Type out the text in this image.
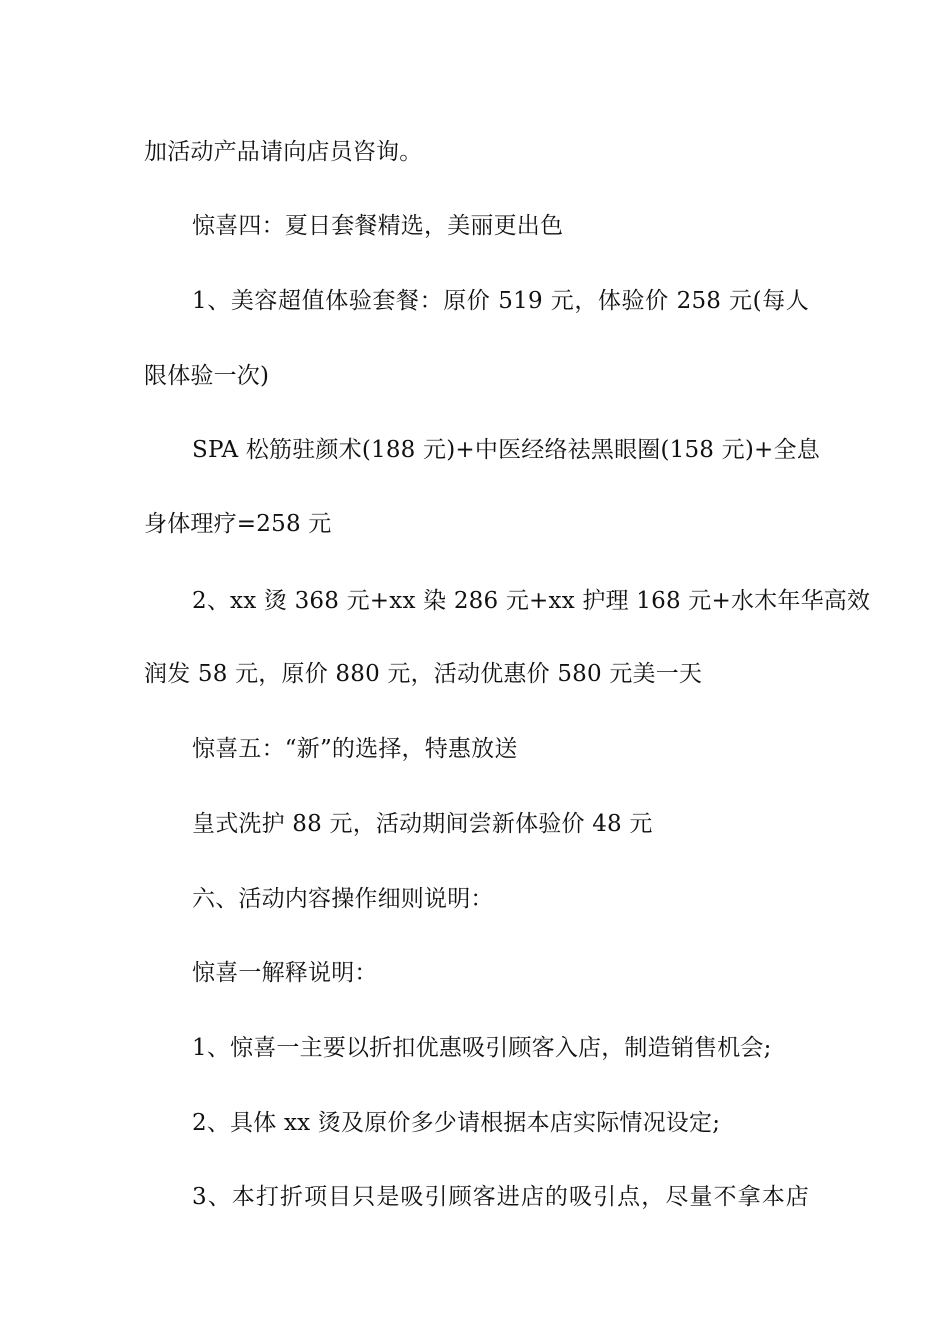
加活动产品请向店员咨询。
惊喜四：夏日套餐精选，美丽更出色
1、美容超值体验套餐：原价 519 元，体验价 258 元(每人
限体验一次)
SPA 松筋驻颜术(188 元)+中医经络祛黑眼圈(158 元)+全息
身体理疗=258 元
2、xx 烫 368 元+xx 染 286 元+xx 护理 168 元+水木年华高效
润发 58 元，原价 880 元，活动优惠价 580 元美一天
惊喜五：“新”的选择，特惠放送
皇式洗护 88 元，活动期间尝新体验价 48 元
六、活动内容操作细则说明：
惊喜一解释说明：
1、惊喜一主要以折扣优惠吸引顾客入店，制造销售机会;
2、具体 xx 烫及原价多少请根据本店实际情况设定;
3、本打折项目只是吸引顾客进店的吸引点，尽量不拿本店
